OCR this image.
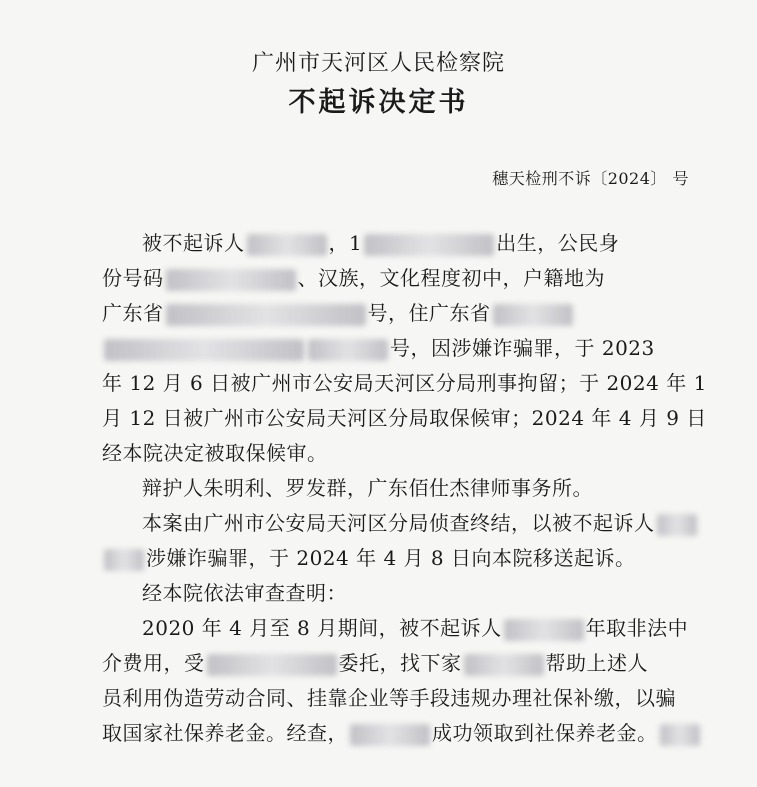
广州市天河区人民检察院
不起诉决定书
穗天检刑不诉〔2024〕 号
被不起诉人	，1	出生，公民身
份号码	、汉族，文化程度初中，户籍地为
广东省	号，住广东省
号，因涉嫌诈骗罪，于 2023
年 12 月 6 日被广州市公安局天河区分局刑事拘留；于 2024 年 1
月 12 日被广州市公安局天河区分局取保候审；2024 年 4 月 9 日
经本院决定被取保候审。
辩护人朱明利、罗发群，广东佰仕杰律师事务所。
本案由广州市公安局天河区分局侦查终结，以被不起诉人
涉嫌诈骗罪，于 2024 年 4 月 8 日向本院移送起诉。
经本院依法审查查明：
2020 年 4 月至 8 月期间，被不起诉人	年取非法中
介费用，受	委托，找下家	帮助上述人
员利用伪造劳动合同、挂靠企业等手段违规办理社保补缴，以骗
取国家社保养老金。经查，	成功领取到社保养老金。
